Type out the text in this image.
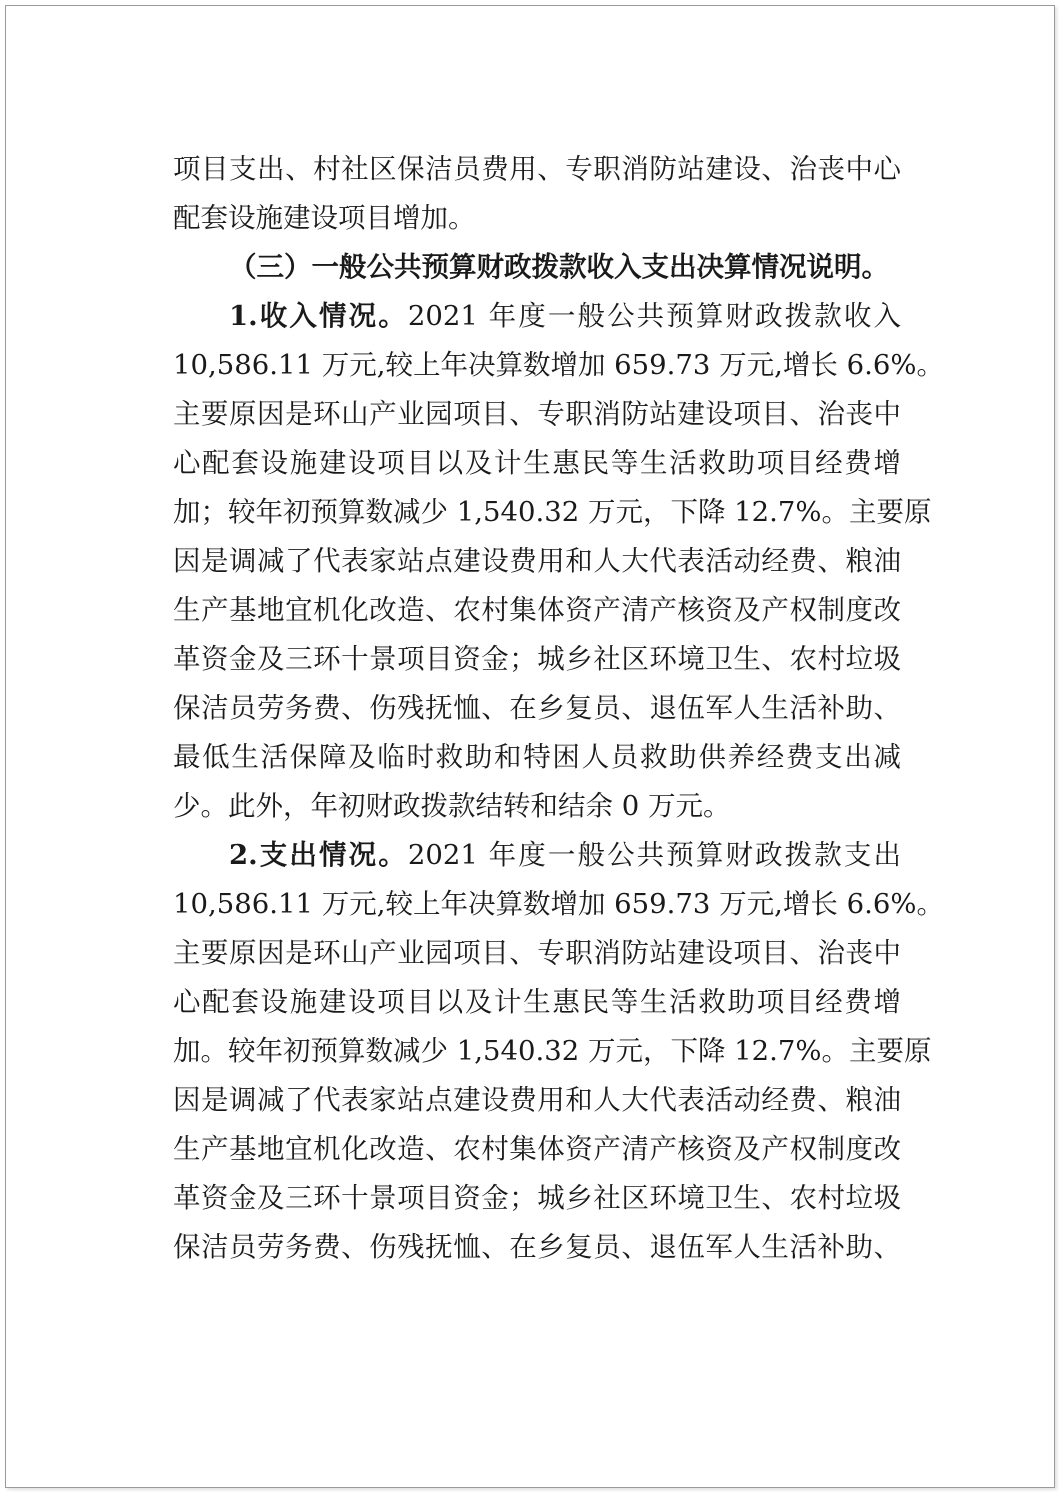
项目支出、村社区保洁员费用、专职消防站建设、治丧中心
配套设施建设项目增加。
（三）一般公共预算财政拨款收入支出决算情况说明。
1.收入情况。2021 年度一般公共预算财政拨款收入
10,586.11 万元,较上年决算数增加 659.73 万元,增长 6.6%。
主要原因是环山产业园项目、专职消防站建设项目、治丧中
心配套设施建设项目以及计生惠民等生活救助项目经费增
加；较年初预算数减少 1,540.32 万元，下降 12.7%。主要原
因是调减了代表家站点建设费用和人大代表活动经费、粮油
生产基地宜机化改造、农村集体资产清产核资及产权制度改
革资金及三环十景项目资金；城乡社区环境卫生、农村垃圾
保洁员劳务费、伤残抚恤、在乡复员、退伍军人生活补助、
最低生活保障及临时救助和特困人员救助供养经费支出减
少。此外，年初财政拨款结转和结余 0 万元。
2.支出情况。2021 年度一般公共预算财政拨款支出
10,586.11 万元,较上年决算数增加 659.73 万元,增长 6.6%。
主要原因是环山产业园项目、专职消防站建设项目、治丧中
心配套设施建设项目以及计生惠民等生活救助项目经费增
加。较年初预算数减少 1,540.32 万元，下降 12.7%。主要原
因是调减了代表家站点建设费用和人大代表活动经费、粮油
生产基地宜机化改造、农村集体资产清产核资及产权制度改
革资金及三环十景项目资金；城乡社区环境卫生、农村垃圾
保洁员劳务费、伤残抚恤、在乡复员、退伍军人生活补助、
